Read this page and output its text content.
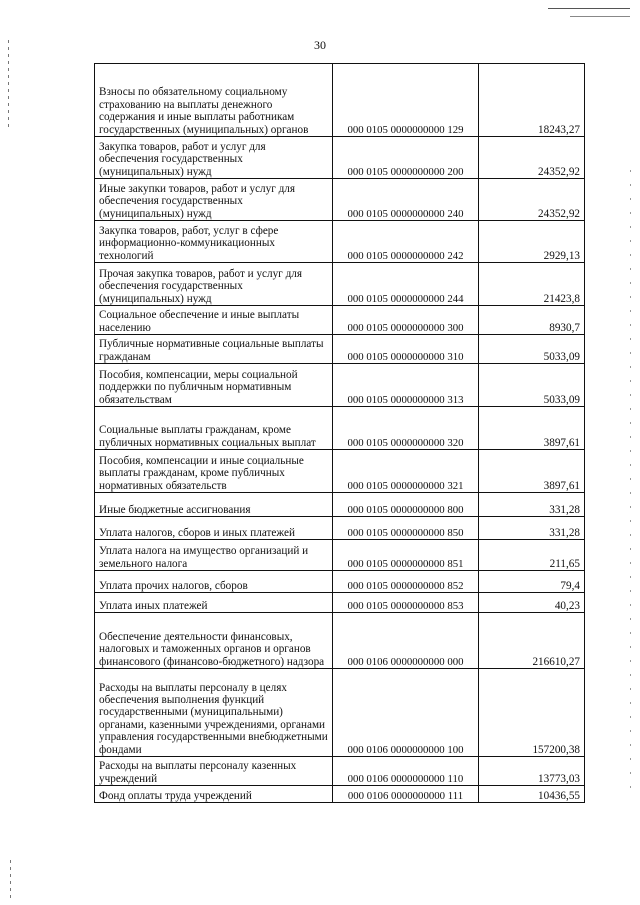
30
Взносы по обязательному социальному страхованию на выплаты денежного содержания и иные выплаты работникам государственных (муниципальных) органов	000 0105 0000000000 129	18243,27
Закупка товаров, работ и услуг для обеспечения государственных (муниципальных) нужд	000 0105 0000000000 200	24352,92
Иные закупки товаров, работ и услуг для обеспечения государственных (муниципальных) нужд	000 0105 0000000000 240	24352,92
Закупка товаров, работ, услуг в сфере информационно-коммуникационных технологий	000 0105 0000000000 242	2929,13
Прочая закупка товаров, работ и услуг для обеспечения государственных (муниципальных) нужд	000 0105 0000000000 244	21423,8
Социальное обеспечение и иные выплаты населению	000 0105 0000000000 300	8930,7
Публичные нормативные социальные выплаты гражданам	000 0105 0000000000 310	5033,09
Пособия, компенсации, меры социальной поддержки по публичным нормативным обязательствам	000 0105 0000000000 313	5033,09
Социальные выплаты гражданам, кроме публичных нормативных социальных выплат	000 0105 0000000000 320	3897,61
Пособия, компенсации и иные социальные выплаты гражданам, кроме публичных нормативных обязательств	000 0105 0000000000 321	3897,61
Иные бюджетные ассигнования	000 0105 0000000000 800	331,28
Уплата налогов, сборов и иных платежей	000 0105 0000000000 850	331,28
Уплата налога на имущество организаций и земельного налога	000 0105 0000000000 851	211,65
Уплата прочих налогов, сборов	000 0105 0000000000 852	79,4
Уплата иных платежей	000 0105 0000000000 853	40,23
Обеспечение деятельности финансовых, налоговых и таможенных органов и органов финансового (финансово-бюджетного) надзора	000 0106 0000000000 000	216610,27
Расходы на выплаты персоналу в целях обеспечения выполнения функций государственными (муниципальными) органами, казенными учреждениями, органами управления государственными внебюджетными фондами	000 0106 0000000000 100	157200,38
Расходы на выплаты персоналу казенных учреждений	000 0106 0000000000 110	13773,03
Фонд оплаты труда учреждений	000 0106 0000000000 111	10436,55
